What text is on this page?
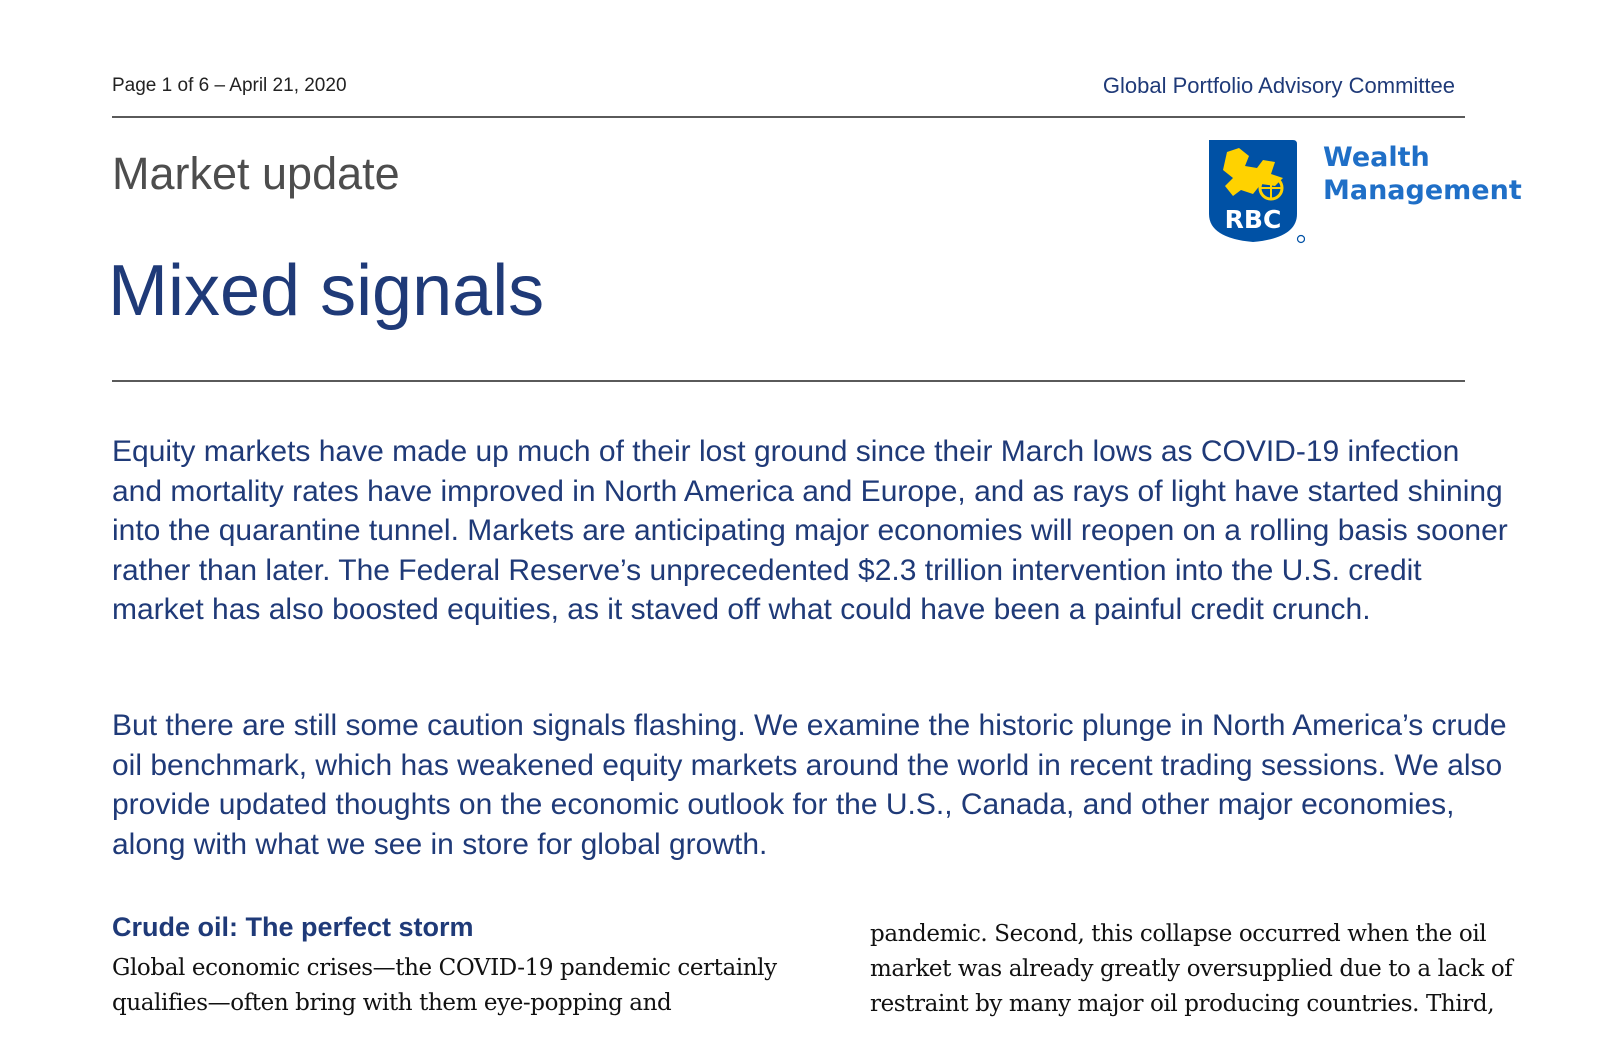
Page 1 of 6 – April 21, 2020	Global Portfolio Advisory Committee
Market update
RBC
Wealth
Management
Mixed signals

Equity markets have made up much of their lost ground since their March lows as COVID-19 infection and mortality rates have improved in North America and Europe, and as rays of light have started shining into the quarantine tunnel. Markets are anticipating major economies will reopen on a rolling basis sooner rather than later. The Federal Reserve’s unprecedented $2.3 trillion intervention into the U.S. credit market has also boosted equities, as it staved off what could have been a painful credit crunch.

But there are still some caution signals flashing. We examine the historic plunge in North America’s crude oil benchmark, which has weakened equity markets around the world in recent trading sessions. We also provide updated thoughts on the economic outlook for the U.S., Canada, and other major economies, along with what we see in store for global growth.

Crude oil: The perfect storm

Global economic crises—the COVID-19 pandemic certainly qualifies—often bring with them eye-popping and

pandemic. Second, this collapse occurred when the oil market was already greatly oversupplied due to a lack of restraint by many major oil producing countries. Third,
